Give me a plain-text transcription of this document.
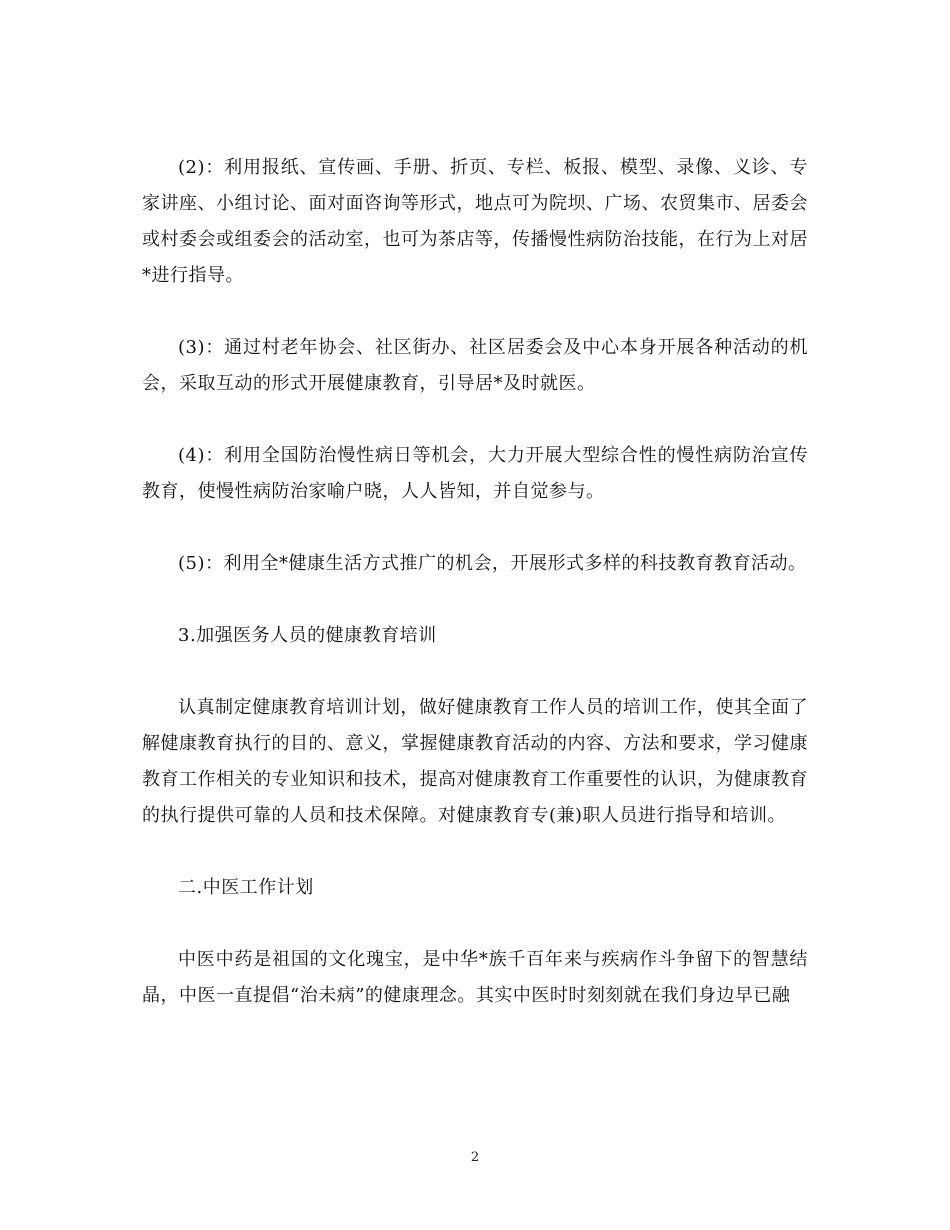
(2)：利用报纸、宣传画、手册、折页、专栏、板报、模型、录像、义诊、专家讲座、小组讨论、面对面咨询等形式，地点可为院坝、广场、农贸集市、居委会或村委会或组委会的活动室，也可为茶店等，传播慢性病防治技能，在行为上对居*进行指导。

(3)：通过村老年协会、社区街办、社区居委会及中心本身开展各种活动的机会，采取互动的形式开展健康教育，引导居*及时就医。

(4)：利用全国防治慢性病日等机会，大力开展大型综合性的慢性病防治宣传教育，使慢性病防治家喻户晓，人人皆知，并自觉参与。

(5)：利用全*健康生活方式推广的机会，开展形式多样的科技教育教育活动。

3.加强医务人员的健康教育培训

认真制定健康教育培训计划，做好健康教育工作人员的培训工作，使其全面了解健康教育执行的目的、意义，掌握健康教育活动的内容、方法和要求，学习健康教育工作相关的专业知识和技术，提高对健康教育工作重要性的认识，为健康教育的执行提供可靠的人员和技术保障。对健康教育专(兼)职人员进行指导和培训。

二.中医工作计划

中医中药是祖国的文化瑰宝，是中华*族千百年来与疾病作斗争留下的智慧结晶，中医一直提倡“治未病”的健康理念。其实中医时时刻刻就在我们身边早已融

2
